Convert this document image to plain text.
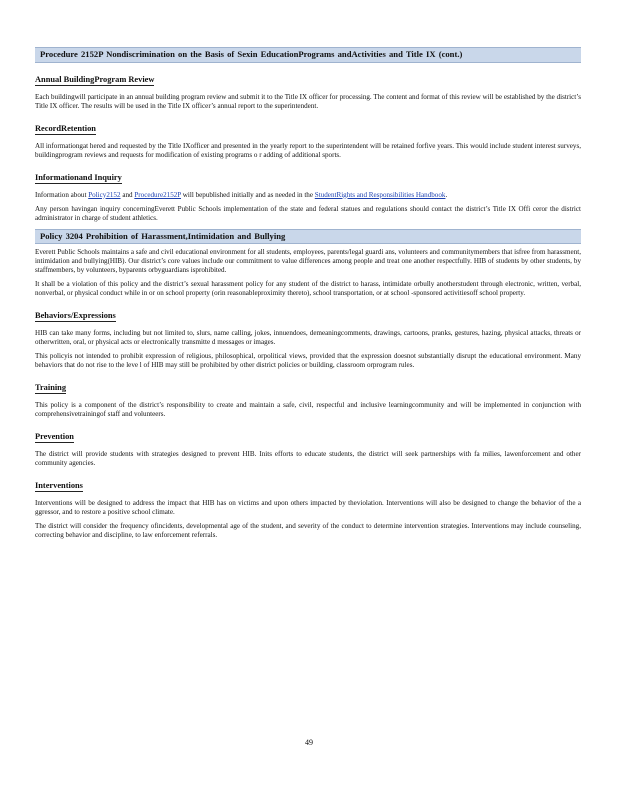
Procedure 2152P Nondiscrimination on the Basis of Sexin EducationPrograms andActivities and Title IX (cont.)
Annual BuildingProgram Review

Each buildingwill participate in an annual building program review and submit it to the Title IX officer for processing. The content and format of this review will be established by the district’s Title IX officer. The results will be used in the Title IX officer’s annual report to the superintendent.

RecordRetention

All informationgat hered and requested by the Title IXofficer and presented in the yearly report to the superintendent will be retained forfive years. This would include student interest surveys, buildingprogram reviews and requests for modification of existing programs o r adding of additional sports.

Informationand Inquiry

Information about Policy2152 and Procedure2152P will bepublished initially and as needed in the StudentRights and Responsibilities Handbook.

Any person havingan inquiry concerningEverett Public Schools implementation of the state and federal statues and regulations should contact the district’s Title IX Offi ceror the district administrator in charge of student athletics.

Policy 3204 Prohibition of Harassment,Intimidation and Bullying

Everett Public Schools maintains a safe and civil educational environment for all students, employees, parents/legal guardi ans, volunteers and communitymembers that isfree from harassment, intimidation and bullying(HIB). Our district’s core values include our commitment to value differences among people and treat one another respectfully. HIB of students by other students, by staffmembers, by volunteers, byparents orbyguardians isprohibited.

It shall be a violation of this policy and the district’s sexual harassment policy for any student of the district to harass, intimidate orbully anotherstudent through electronic, written, verbal, nonverbal, or physical conduct while in or on school property (orin reasonableproximity thereto), school transportation, or at school -sponsored activitiesoff school property.

Behaviors/Expressions

HIB can take many forms, including but not limited to, slurs, name calling, jokes, innuendoes, demeaningcomments, drawings, cartoons, pranks, gestures, hazing, physical attacks, threats or otherwritten, oral, or physical acts or electronically transmitte d messages or images.

This policyis not intended to prohibit expression of religious, philosophical, orpolitical views, provided that the expression doesnot substantially disrupt the educational environment. Many behaviors that do not rise to the leve l of HIB may still be prohibited by other district policies or building, classroom orprogram rules.

Training

This policy is a component of the district’s responsibility to create and maintain a safe, civil, respectful and inclusive learningcommunity and will be implemented in conjunction with comprehensivetrainingof staff and volunteers.

Prevention

The district will provide students with strategies designed to prevent HIB. Inits efforts to educate students, the district will seek partnerships with fa milies, lawenforcement and other community agencies.

Interventions

Interventions will be designed to address the impact that HIB has on victims and upon others impacted by theviolation. Interventions will also be designed to change the behavior of the a ggressor, and to restore a positive school climate.

The district will consider the frequency ofincidents, developmental age of the student, and severity of the conduct to determine intervention strategies. Interventions may include counseling, correcting behavior and discipline, to law enforcement referrals.

49
